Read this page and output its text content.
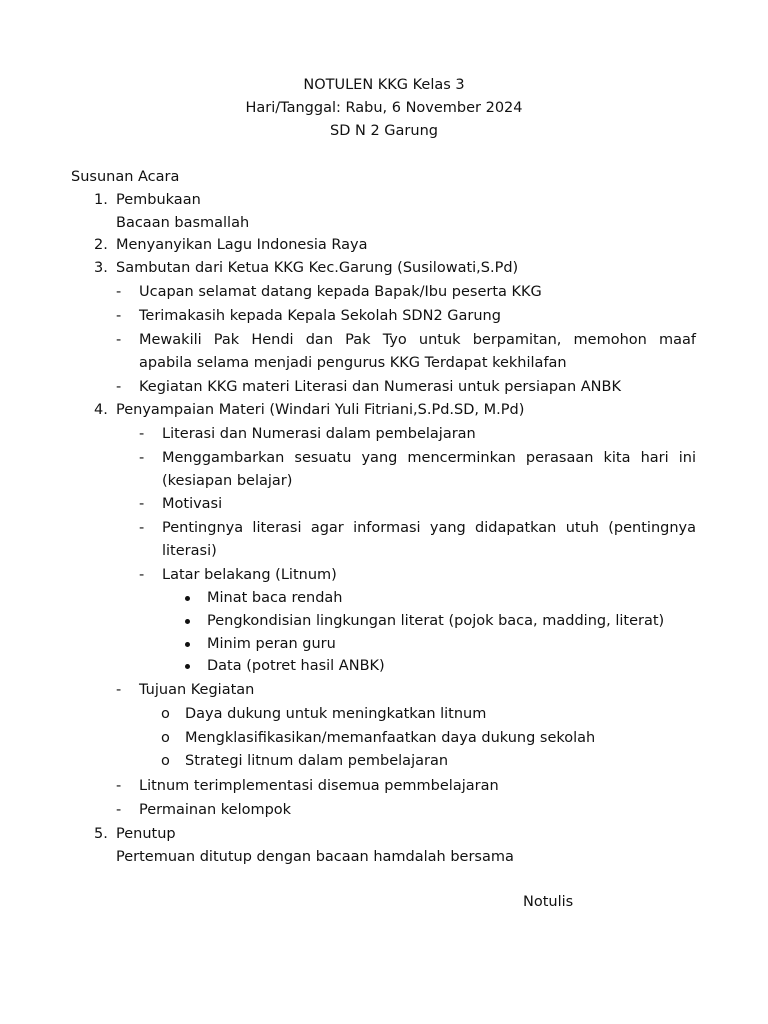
NOTULEN KKG Kelas 3
Hari/Tanggal: Rabu, 6 November 2024
SD N 2 Garung
Susunan Acara
1. Pembukaan
Bacaan basmallah
2. Menyanyikan Lagu Indonesia Raya
3. Sambutan dari Ketua KKG Kec.Garung (Susilowati,S.Pd)
- Ucapan selamat datang kepada Bapak/Ibu peserta KKG
- Terimakasih kepada Kepala Sekolah SDN2 Garung
- Mewakili Pak Hendi dan Pak Tyo untuk berpamitan, memohon maaf
apabila selama menjadi pengurus KKG Terdapat kekhilafan
- Kegiatan KKG materi Literasi dan Numerasi untuk persiapan ANBK
4. Penyampaian Materi (Windari Yuli Fitriani,S.Pd.SD, M.Pd)
- Literasi dan Numerasi dalam pembelajaran
- Menggambarkan sesuatu yang mencerminkan perasaan kita hari ini
(kesiapan belajar)
- Motivasi
- Pentingnya literasi agar informasi yang didapatkan utuh (pentingnya
literasi)
- Latar belakang (Litnum)
Minat baca rendah
Pengkondisian lingkungan literat (pojok baca, madding, literat)
Minim peran guru
Data (potret hasil ANBK)
- Tujuan Kegiatan
o Daya dukung untuk meningkatkan litnum
o Mengklasifikasikan/memanfaatkan daya dukung sekolah
o Strategi litnum dalam pembelajaran
- Litnum terimplementasi disemua pemmbelajaran
- Permainan kelompok
5. Penutup
Pertemuan ditutup dengan bacaan hamdalah bersama
Notulis
